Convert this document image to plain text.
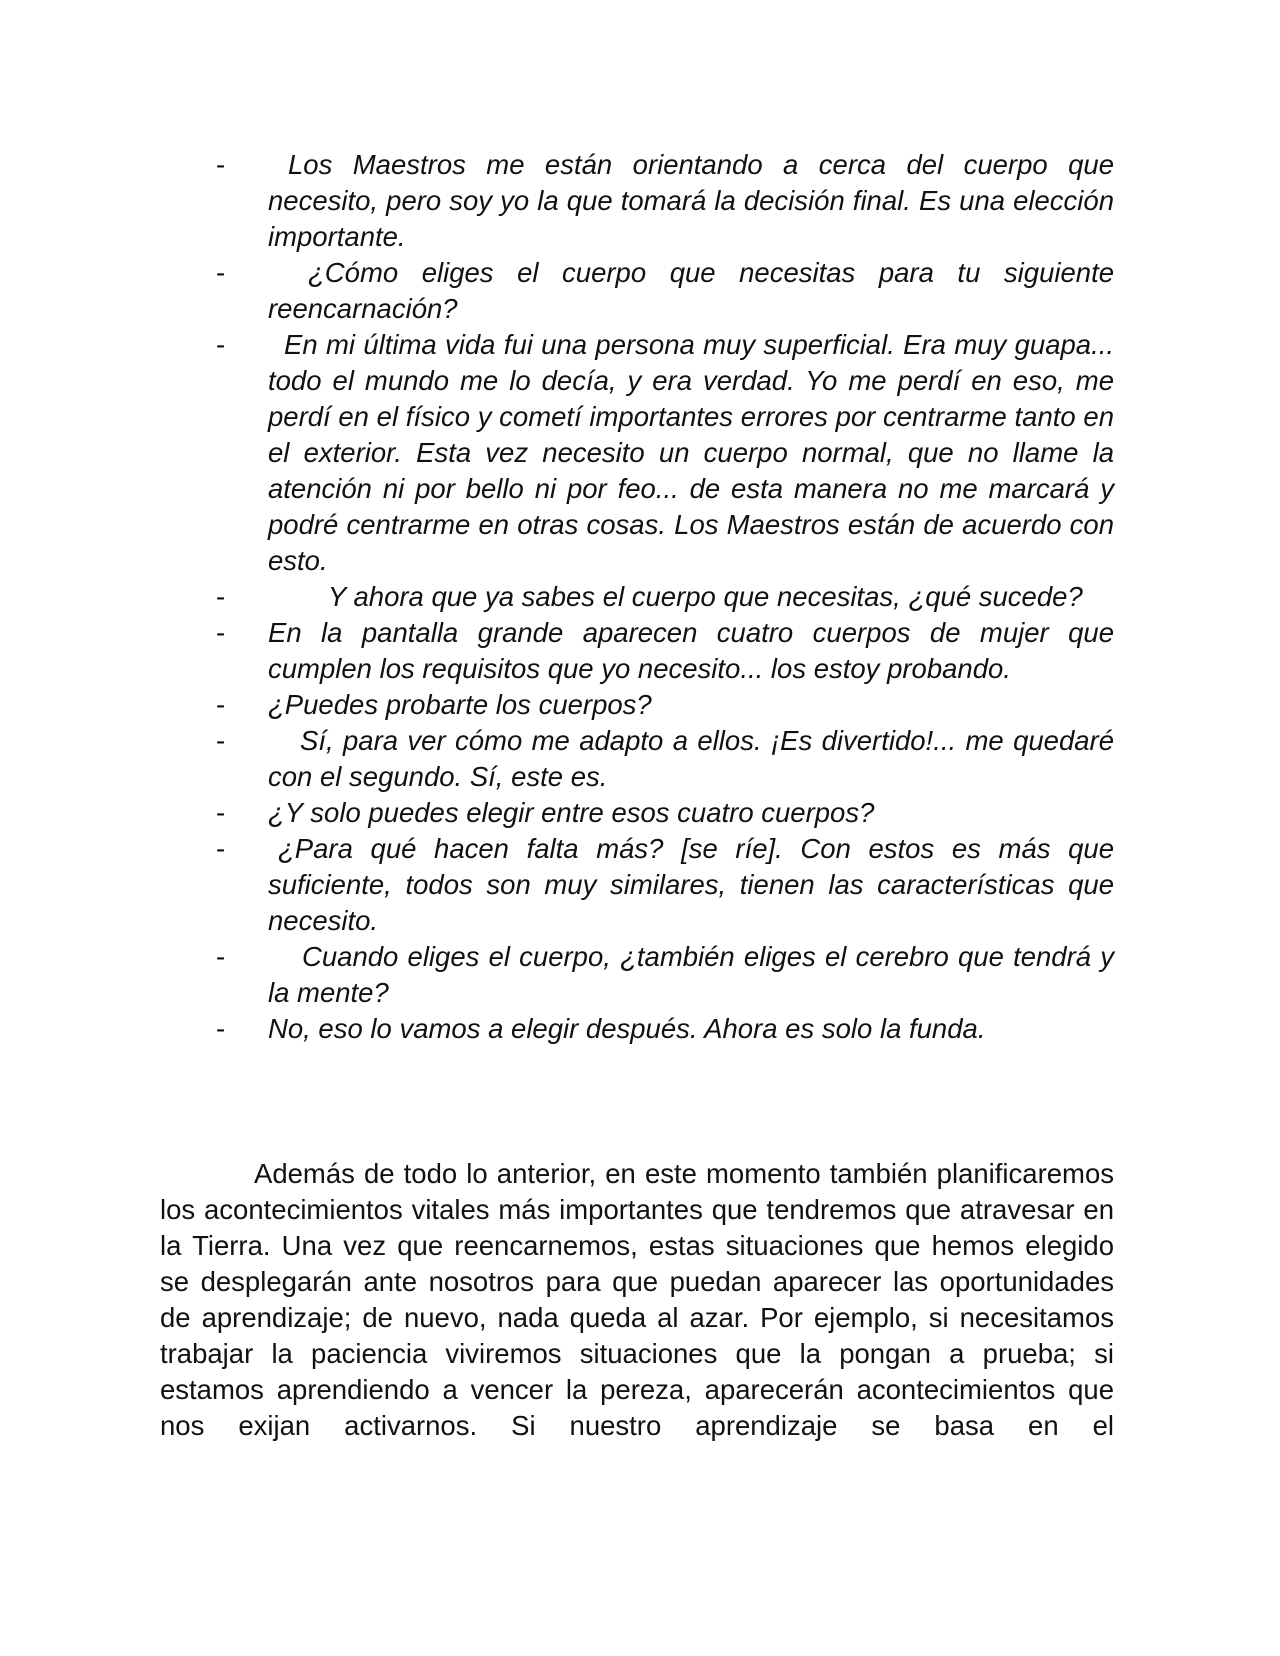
-	Los Maestros me están orientando a cerca del cuerpo que necesito, pero soy yo la que tomará la decisión final. Es una elección importante.
-	¿Cómo eliges el cuerpo que necesitas para tu siguiente reencarnación?
-	En mi última vida fui una persona muy superficial. Era muy guapa... todo el mundo me lo decía, y era verdad. Yo me perdí en eso, me perdí en el físico y cometí importantes errores por centrarme tanto en el exterior. Esta vez necesito un cuerpo normal, que no llame la atención ni por bello ni por feo... de esta manera no me marcará y podré centrarme en otras cosas. Los Maestros están de acuerdo con esto.
-	Y ahora que ya sabes el cuerpo que necesitas, ¿qué sucede?
- En la pantalla grande aparecen cuatro cuerpos de mujer que cumplen los requisitos que yo necesito... los estoy probando.
- ¿Puedes probarte los cuerpos?
-	Sí, para ver cómo me adapto a ellos. ¡Es divertido!... me quedaré con el segundo. Sí, este es.
- ¿Y solo puedes elegir entre esos cuatro cuerpos?
-	¿Para qué hacen falta más? [se ríe]. Con estos es más que suficiente, todos son muy similares, tienen las características que necesito.
-	Cuando eliges el cuerpo, ¿también eliges el cerebro que tendrá y la mente?
- No, eso lo vamos a elegir después. Ahora es solo la funda.

Además de todo lo anterior, en este momento también planificaremos los acontecimientos vitales más importantes que tendremos que atravesar en la Tierra. Una vez que reencarnemos, estas situaciones que hemos elegido se desplegarán ante nosotros para que puedan aparecer las oportunidades de aprendizaje; de nuevo, nada queda al azar. Por ejemplo, si necesitamos trabajar la paciencia viviremos situaciones que la pongan a prueba; si estamos aprendiendo a vencer la pereza, aparecerán acontecimientos que nos exijan activarnos. Si nuestro aprendizaje se basa en el
